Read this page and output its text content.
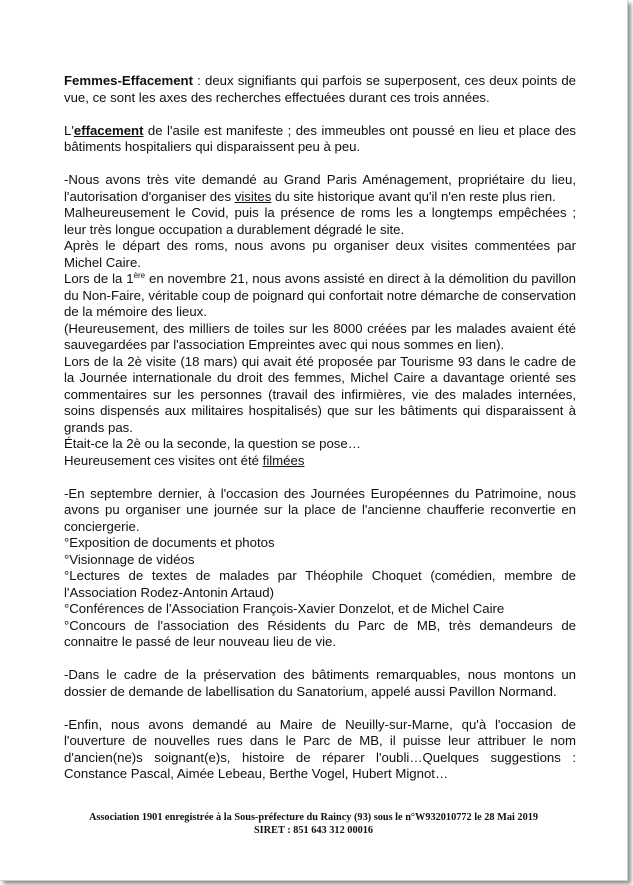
Femmes-Effacement : deux signifiants qui parfois se superposent, ces deux points de vue, ce sont les axes des recherches effectuées durant ces trois années.

L'effacement de l'asile est manifeste ; des immeubles ont poussé en lieu et place des bâtiments hospitaliers qui disparaissent peu à peu.

-Nous avons très vite demandé au Grand Paris Aménagement, propriétaire du lieu, l'autorisation d'organiser des visites du site historique avant qu'il n'en reste plus rien.

Malheureusement le Covid, puis la présence de roms les a longtemps empêchées ; leur très longue occupation a durablement dégradé le site.

Après le départ des roms, nous avons pu organiser deux visites commentées par Michel Caire.

Lors de la 1ère en novembre 21, nous avons assisté en direct à la démolition du pavillon du Non-Faire, véritable coup de poignard qui confortait notre démarche de conservation de la mémoire des lieux.

(Heureusement, des milliers de toiles sur les 8000 créées par les malades avaient été sauvegardées par l'association Empreintes avec qui nous sommes en lien).

Lors de la 2è visite (18 mars) qui avait été proposée par Tourisme 93 dans le cadre de la Journée internationale du droit des femmes, Michel Caire a davantage orienté ses commentaires sur les personnes (travail des infirmières, vie des malades internées, soins dispensés aux militaires hospitalisés) que sur les bâtiments qui disparaissent à grands pas.

Était-ce la 2è ou la seconde, la question se pose…

Heureusement ces visites ont été filmées

-En septembre dernier, à l'occasion des Journées Européennes du Patrimoine, nous avons pu organiser une journée sur la place de l'ancienne chaufferie reconvertie en conciergerie.

°Exposition de documents et photos

°Visionnage de vidéos

°Lectures de textes de malades par Théophile Choquet (comédien, membre de l'Association Rodez-Antonin Artaud)

°Conférences de l'Association François-Xavier Donzelot, et de Michel Caire

°Concours de l'association des Résidents du Parc de MB, très demandeurs de connaitre le passé de leur nouveau lieu de vie.

-Dans le cadre de la préservation des bâtiments remarquables, nous montons un dossier de demande de labellisation du Sanatorium, appelé aussi Pavillon Normand.

-Enfin, nous avons demandé au Maire de Neuilly-sur-Marne, qu'à l'occasion de l'ouverture de nouvelles rues dans le Parc de MB, il puisse leur attribuer le nom d'ancien(ne)s soignant(e)s, histoire de réparer l'oubli…Quelques suggestions : Constance Pascal, Aimée Lebeau, Berthe Vogel, Hubert Mignot…

Association 1901 enregistrée à la Sous-préfecture du Raincy (93) sous le n°W932010772 le 28 Mai 2019
SIRET : 851 643 312 00016
